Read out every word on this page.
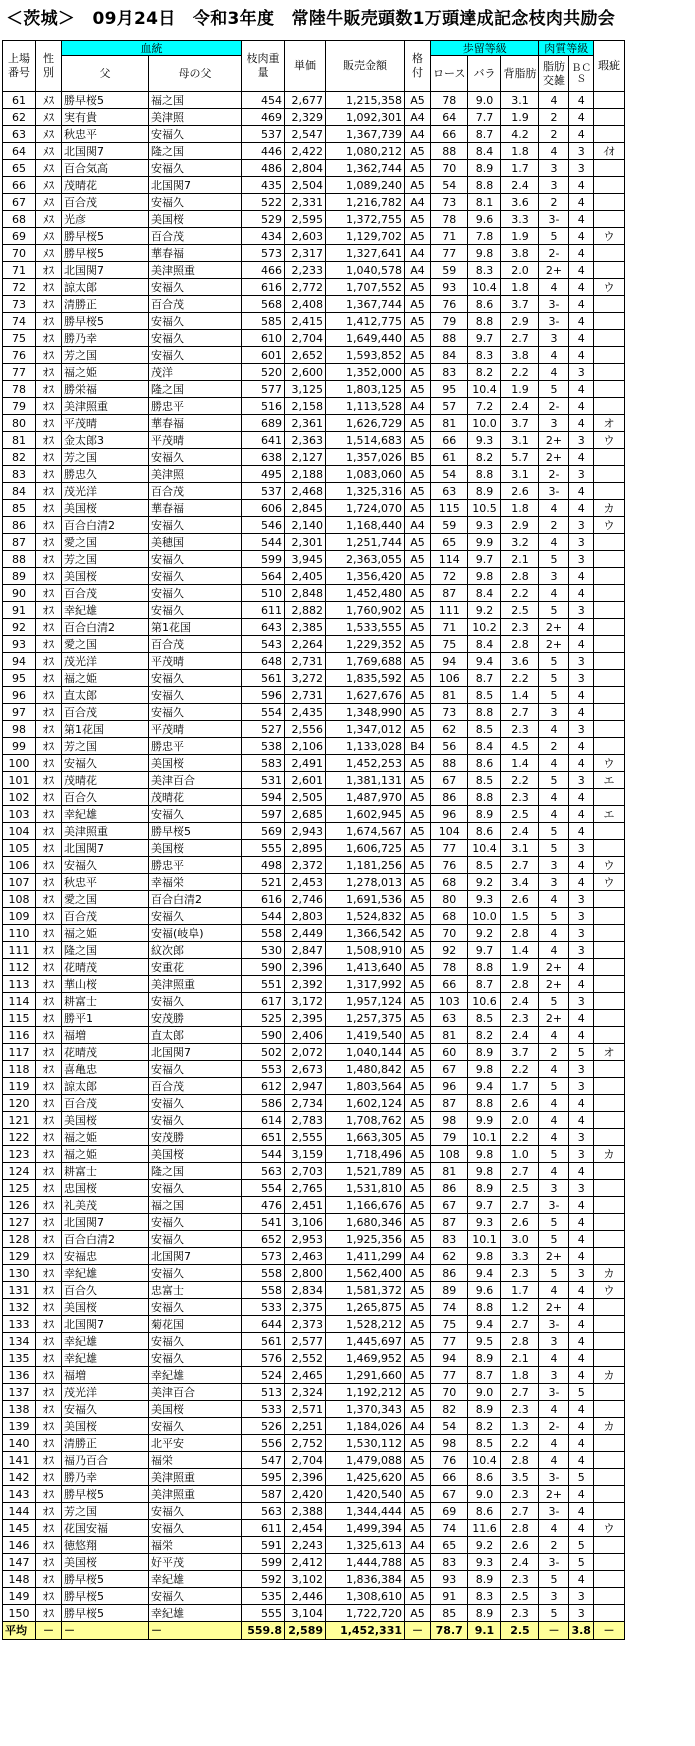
＜茨城＞　09月24日　令和3年度　常陸牛販売頭数1万頭達成記念枝肉共励会
上場番号	性別	血統		枝肉重量	単価	販売金額	格付	歩留等級			肉質等級		瑕疵
		父	母の父					ロース	バラ	背脂肪	脂肪交雑	ＢＣＳ	
61	ﾒｽ	勝早桜5	福之国	454	2,677	1,215,358	A5	78	9.0	3.1	4	4	
62	ﾒｽ	実有貴	美津照	469	2,329	1,092,301	A4	64	7.7	1.9	2	4	
63	ﾒｽ	秋忠平	安福久	537	2,547	1,367,739	A4	66	8.7	4.2	2	4	
64	ﾒｽ	北国関7	隆之国	446	2,422	1,080,212	A5	88	8.4	1.8	4	3	ｲｵ
65	ﾒｽ	百合気高	安福久	486	2,804	1,362,744	A5	70	8.9	1.7	3	3	
66	ﾒｽ	茂晴花	北国関7	435	2,504	1,089,240	A5	54	8.8	2.4	3	4	
67	ﾒｽ	百合茂	安福久	522	2,331	1,216,782	A4	73	8.1	3.6	2	4	
68	ﾒｽ	光彦	美国桜	529	2,595	1,372,755	A5	78	9.6	3.3	3-	4	
69	ﾒｽ	勝早桜5	百合茂	434	2,603	1,129,702	A5	71	7.8	1.9	5	4	ウ
70	ﾒｽ	勝早桜5	華春福	573	2,317	1,327,641	A4	77	9.8	3.8	2-	4	
71	ｵｽ	北国関7	美津照重	466	2,233	1,040,578	A4	59	8.3	2.0	2+	4	
72	ｵｽ	諒太郎	安福久	616	2,772	1,707,552	A5	93	10.4	1.8	4	4	ウ
73	ｵｽ	清勝正	百合茂	568	2,408	1,367,744	A5	76	8.6	3.7	3-	4	
74	ｵｽ	勝早桜5	安福久	585	2,415	1,412,775	A5	79	8.8	2.9	3-	4	
75	ｵｽ	勝乃幸	安福久	610	2,704	1,649,440	A5	88	9.7	2.7	3	4	
76	ｵｽ	芳之国	安福久	601	2,652	1,593,852	A5	84	8.3	3.8	4	4	
77	ｵｽ	福之姫	茂洋	520	2,600	1,352,000	A5	83	8.2	2.2	4	3	
78	ｵｽ	勝栄福	隆之国	577	3,125	1,803,125	A5	95	10.4	1.9	5	4	
79	ｵｽ	美津照重	勝忠平	516	2,158	1,113,528	A4	57	7.2	2.4	2-	4	
80	ｵｽ	平茂晴	華春福	689	2,361	1,626,729	A5	81	10.0	3.7	3	4	オ
81	ｵｽ	金太郎3	平茂晴	641	2,363	1,514,683	A5	66	9.3	3.1	2+	3	ウ
82	ｵｽ	芳之国	安福久	638	2,127	1,357,026	B5	61	8.2	5.7	2+	4	
83	ｵｽ	勝忠久	美津照	495	2,188	1,083,060	A5	54	8.8	3.1	2-	3	
84	ｵｽ	茂光洋	百合茂	537	2,468	1,325,316	A5	63	8.9	2.6	3-	4	
85	ｵｽ	美国桜	華春福	606	2,845	1,724,070	A5	115	10.5	1.8	4	4	カ
86	ｵｽ	百合白清2	安福久	546	2,140	1,168,440	A4	59	9.3	2.9	2	3	ウ
87	ｵｽ	愛之国	美穂国	544	2,301	1,251,744	A5	65	9.9	3.2	4	3	
88	ｵｽ	芳之国	安福久	599	3,945	2,363,055	A5	114	9.7	2.1	5	3	
89	ｵｽ	美国桜	安福久	564	2,405	1,356,420	A5	72	9.8	2.8	3	4	
90	ｵｽ	百合茂	安福久	510	2,848	1,452,480	A5	87	8.4	2.2	4	4	
91	ｵｽ	幸紀雄	安福久	611	2,882	1,760,902	A5	111	9.2	2.5	5	3	
92	ｵｽ	百合白清2	第1花国	643	2,385	1,533,555	A5	71	10.2	2.3	2+	4	
93	ｵｽ	愛之国	百合茂	543	2,264	1,229,352	A5	75	8.4	2.8	2+	4	
94	ｵｽ	茂光洋	平茂晴	648	2,731	1,769,688	A5	94	9.4	3.6	5	3	
95	ｵｽ	福之姫	安福久	561	3,272	1,835,592	A5	106	8.7	2.2	5	3	
96	ｵｽ	直太郎	安福久	596	2,731	1,627,676	A5	81	8.5	1.4	5	4	
97	ｵｽ	百合茂	安福久	554	2,435	1,348,990	A5	73	8.8	2.7	3	4	
98	ｵｽ	第1花国	平茂晴	527	2,556	1,347,012	A5	62	8.5	2.3	4	3	
99	ｵｽ	芳之国	勝忠平	538	2,106	1,133,028	B4	56	8.4	4.5	2	4	
100	ｵｽ	安福久	美国桜	583	2,491	1,452,253	A5	88	8.6	1.4	4	4	ウ
101	ｵｽ	茂晴花	美津百合	531	2,601	1,381,131	A5	67	8.5	2.2	5	3	エ
102	ｵｽ	百合久	茂晴花	594	2,505	1,487,970	A5	86	8.8	2.3	4	4	
103	ｵｽ	幸紀雄	安福久	597	2,685	1,602,945	A5	96	8.9	2.5	4	4	エ
104	ｵｽ	美津照重	勝早桜5	569	2,943	1,674,567	A5	104	8.6	2.4	5	4	
105	ｵｽ	北国関7	美国桜	555	2,895	1,606,725	A5	77	10.4	3.1	5	3	
106	ｵｽ	安福久	勝忠平	498	2,372	1,181,256	A5	76	8.5	2.7	3	4	ウ
107	ｵｽ	秋忠平	幸福栄	521	2,453	1,278,013	A5	68	9.2	3.4	3	4	ウ
108	ｵｽ	愛之国	百合白清2	616	2,746	1,691,536	A5	80	9.3	2.6	4	3	
109	ｵｽ	百合茂	安福久	544	2,803	1,524,832	A5	68	10.0	1.5	5	3	
110	ｵｽ	福之姫	安福(岐阜)	558	2,449	1,366,542	A5	70	9.2	2.8	4	3	
111	ｵｽ	隆之国	紋次郎	530	2,847	1,508,910	A5	92	9.7	1.4	4	3	
112	ｵｽ	花晴茂	安重花	590	2,396	1,413,640	A5	78	8.8	1.9	2+	4	
113	ｵｽ	華山桜	美津照重	551	2,392	1,317,992	A5	66	8.7	2.8	2+	4	
114	ｵｽ	耕富士	安福久	617	3,172	1,957,124	A5	103	10.6	2.4	5	3	
115	ｵｽ	勝平1	安茂勝	525	2,395	1,257,375	A5	63	8.5	2.3	2+	4	
116	ｵｽ	福増	直太郎	590	2,406	1,419,540	A5	81	8.2	2.4	4	4	
117	ｵｽ	花晴茂	北国関7	502	2,072	1,040,144	A5	60	8.9	3.7	2	5	オ
118	ｵｽ	喜亀忠	安福久	553	2,673	1,480,842	A5	67	9.8	2.2	4	3	
119	ｵｽ	諒太郎	百合茂	612	2,947	1,803,564	A5	96	9.4	1.7	5	3	
120	ｵｽ	百合茂	安福久	586	2,734	1,602,124	A5	87	8.8	2.6	4	4	
121	ｵｽ	美国桜	安福久	614	2,783	1,708,762	A5	98	9.9	2.0	4	4	
122	ｵｽ	福之姫	安茂勝	651	2,555	1,663,305	A5	79	10.1	2.2	4	3	
123	ｵｽ	福之姫	美国桜	544	3,159	1,718,496	A5	108	9.8	1.0	5	3	カ
124	ｵｽ	耕富士	隆之国	563	2,703	1,521,789	A5	81	9.8	2.7	4	4	
125	ｵｽ	忠国桜	安福久	554	2,765	1,531,810	A5	86	8.9	2.5	3	3	
126	ｵｽ	礼美茂	福之国	476	2,451	1,166,676	A5	67	9.7	2.7	3-	4	
127	ｵｽ	北国関7	安福久	541	3,106	1,680,346	A5	87	9.3	2.6	5	4	
128	ｵｽ	百合白清2	安福久	652	2,953	1,925,356	A5	83	10.1	3.0	5	4	
129	ｵｽ	安福忠	北国関7	573	2,463	1,411,299	A4	62	9.8	3.3	2+	4	
130	ｵｽ	幸紀雄	安福久	558	2,800	1,562,400	A5	86	9.4	2.3	5	3	カ
131	ｵｽ	百合久	忠富士	558	2,834	1,581,372	A5	89	9.6	1.7	4	4	ウ
132	ｵｽ	美国桜	安福久	533	2,375	1,265,875	A5	74	8.8	1.2	2+	4	
133	ｵｽ	北国関7	菊花国	644	2,373	1,528,212	A5	75	9.4	2.7	3-	4	
134	ｵｽ	幸紀雄	安福久	561	2,577	1,445,697	A5	77	9.5	2.8	3	4	
135	ｵｽ	幸紀雄	安福久	576	2,552	1,469,952	A5	94	8.9	2.1	4	4	
136	ｵｽ	福増	幸紀雄	524	2,465	1,291,660	A5	77	8.7	1.8	3	4	カ
137	ｵｽ	茂光洋	美津百合	513	2,324	1,192,212	A5	70	9.0	2.7	3-	5	
138	ｵｽ	安福久	美国桜	533	2,571	1,370,343	A5	82	8.9	2.3	4	4	
139	ｵｽ	美国桜	安福久	526	2,251	1,184,026	A4	54	8.2	1.3	2-	4	カ
140	ｵｽ	清勝正	北平安	556	2,752	1,530,112	A5	98	8.5	2.2	4	4	
141	ｵｽ	福乃百合	福栄	547	2,704	1,479,088	A5	76	10.4	2.8	4	4	
142	ｵｽ	勝乃幸	美津照重	595	2,396	1,425,620	A5	66	8.6	3.5	3-	5	
143	ｵｽ	勝早桜5	美津照重	587	2,420	1,420,540	A5	67	9.0	2.3	2+	4	
144	ｵｽ	芳之国	安福久	563	2,388	1,344,444	A5	69	8.6	2.7	3-	4	
145	ｵｽ	花国安福	安福久	611	2,454	1,499,394	A5	74	11.6	2.8	4	4	ウ
146	ｵｽ	徳悠翔	福栄	591	2,243	1,325,613	A4	65	9.2	2.6	2	5	
147	ｵｽ	美国桜	好平茂	599	2,412	1,444,788	A5	83	9.3	2.4	3-	5	
148	ｵｽ	勝早桜5	幸紀雄	592	3,102	1,836,384	A5	93	8.9	2.3	5	4	
149	ｵｽ	勝早桜5	安福久	535	2,446	1,308,610	A5	91	8.3	2.5	3	3	
150	ｵｽ	勝早桜5	幸紀雄	555	3,104	1,722,720	A5	85	8.9	2.3	5	3	
平均	－	－	－	559.8	2,589	1,452,331	－	78.7	9.1	2.5	－	3.8	－
